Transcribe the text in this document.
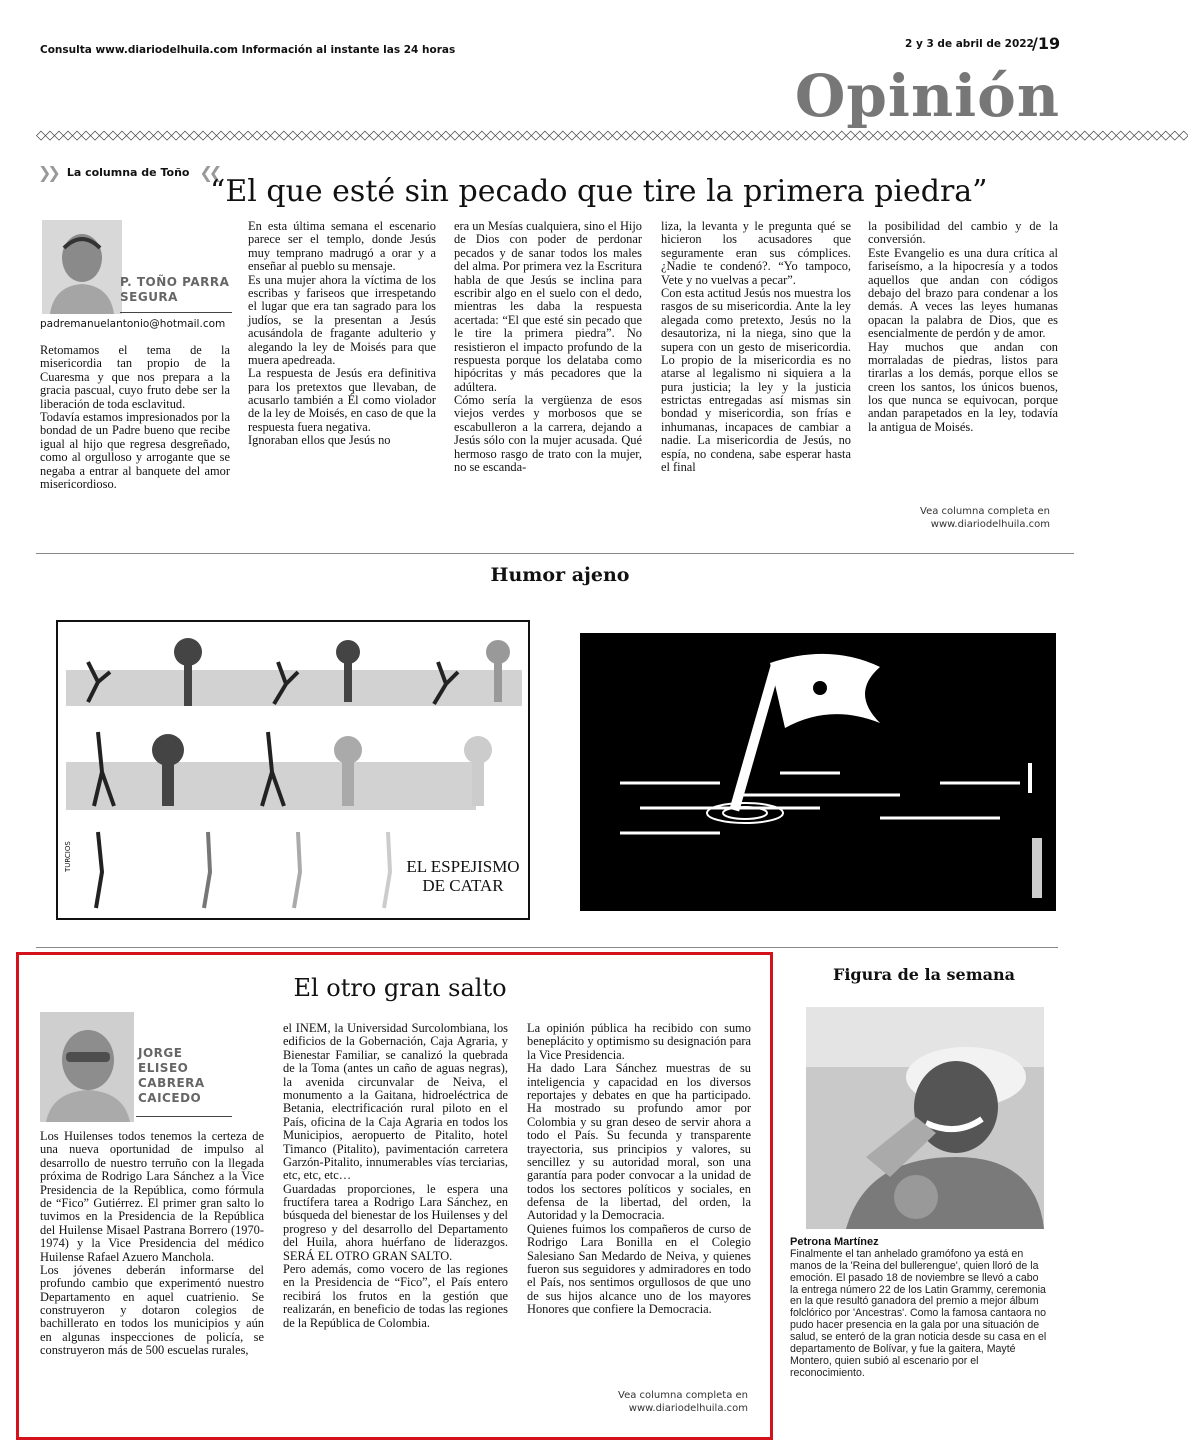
Consulta www.diariodelhuila.com Información al instante las 24 horas	2 y 3 de abril de 2022
/19
Opinión
◇◇◇◇◇◇◇◇◇◇◇◇◇◇◇◇◇◇◇◇◇◇◇◇◇◇◇◇◇◇◇◇◇◇◇◇◇◇◇◇◇◇◇◇◇◇◇◇◇◇◇◇◇◇◇◇◇◇◇◇◇◇◇◇◇◇◇◇◇◇◇◇◇◇◇◇◇◇◇◇◇◇◇◇◇◇◇◇◇◇◇◇◇◇◇◇◇◇◇◇◇◇◇◇◇◇◇◇◇◇◇◇◇◇◇◇◇◇◇◇◇◇◇◇◇◇◇◇
❯❯ La columna de Toño ❮❮
“El que esté sin pecado que tire la primera piedra”
P. TOÑO PARRA SEGURA
padremanuelantonio@hotmail.com
Retomamos el tema de la misericordia tan propio de la Cuaresma y que nos prepara a la gracia pascual, cuyo fruto debe ser la liberación de toda esclavitud.
Todavía estamos impresionados por la bondad de un Padre bueno que recibe igual al hijo que regresa desgreñado, como al orgulloso y arrogante que se negaba a entrar al banquete del amor misericordioso.
En esta última semana el escenario parece ser el templo, donde Jesús muy temprano madrugó a orar y a enseñar al pueblo su mensaje.
Es una mujer ahora la víctima de los escribas y fariseos que irrespetando el lugar que era tan sagrado para los judíos, se la presentan a Jesús acusándola de fragante adulterio y alegando la ley de Moisés para que muera apedreada.
La respuesta de Jesús era definitiva para los pretextos que llevaban, de acusarlo también a Él como violador de la ley de Moisés, en caso de que la respuesta fuera negativa.
Ignoraban ellos que Jesús no
era un Mesías cualquiera, sino el Hijo de Dios con poder de perdonar pecados y de sanar todos los males del alma. Por primera vez la Escritura habla de que Jesús se inclina para escribir algo en el suelo con el dedo, mientras les daba la respuesta acertada: “El que esté sin pecado que le tire la primera piedra”. No resistieron el impacto profundo de la respuesta porque los delataba como hipócritas y más pecadores que la adúltera.
Cómo sería la vergüenza de esos viejos verdes y morbosos que se escabulleron a la carrera, dejando a Jesús sólo con la mujer acusada. Qué hermoso rasgo de trato con la mujer, no se escanda-
liza, la levanta y le pregunta qué se hicieron los acusadores que seguramente eran sus cómplices. ¿Nadie te condenó?. “Yo tampoco, Vete y no vuelvas a pecar”.
Con esta actitud Jesús nos muestra los rasgos de su misericordia. Ante la ley alegada como pretexto, Jesús no la desautoriza, ni la niega, sino que la supera con un gesto de misericordia. Lo propio de la misericordia es no atarse al legalismo ni siquiera a la pura justicia; la ley y la justicia estrictas entregadas así mismas sin bondad y misericordia, son frías e inhumanas, incapaces de cambiar a nadie. La misericordia de Jesús, no espía, no condena, sabe esperar hasta el final
la posibilidad del cambio y de la conversión.
Este Evangelio es una dura crítica al fariseísmo, a la hipocresía y a todos aquellos que andan con códigos debajo del brazo para condenar a los demás. A veces las leyes humanas opacan la palabra de Dios, que es esencialmente de perdón y de amor.
Hay muchos que andan con morraladas de piedras, listos para tirarlas a los demás, porque ellos se creen los santos, los únicos buenos, los que nunca se equivocan, porque andan parapetados en la ley, todavía la antigua de Moisés.
Vea columna completa en
www.diariodelhuila.com
Humor ajeno
EL ESPEJISMO
DE CATAR
TURCIOS
El otro gran salto
JORGE
ELISEO
CABRERA
CAICEDO
Los Huilenses todos tenemos la certeza de una nueva oportunidad de impulso al desarrollo de nuestro terruño con la llegada próxima de Rodrigo Lara Sánchez a la Vice Presidencia de la República, como fórmula de “Fico” Gutiérrez. El primer gran salto lo tuvimos en la Presidencia de la República del Huilense Misael Pastrana Borrero (1970-1974) y la Vice Presidencia del médico Huilense Rafael Azuero Manchola.
Los jóvenes deberán informarse del profundo cambio que experimentó nuestro Departamento en aquel cuatrienio. Se construyeron y dotaron colegios de bachillerato en todos los municipios y aún en algunas inspecciones de policía, se construyeron más de 500 escuelas rurales,
el INEM, la Universidad Surcolombiana, los edificios de la Gobernación, Caja Agraria, y Bienestar Familiar, se canalizó la quebrada de la Toma (antes un caño de aguas negras), la avenida circunvalar de Neiva, el monumento a la Gaitana, hidroeléctrica de Betania, electrificación rural piloto en el País, oficina de la Caja Agraria en todos los Municipios, aeropuerto de Pitalito, hotel Timanco (Pitalito), pavimentación carretera Garzón-Pitalito, innumerables vías terciarias, etc, etc, etc…
Guardadas proporciones, le espera una fructífera tarea a Rodrigo Lara Sánchez, en búsqueda del bienestar de los Huilenses y del progreso y del desarrollo del Departamento del Huila, ahora huérfano de liderazgos. SERÁ EL OTRO GRAN SALTO.
Pero además, como vocero de las regiones en la Presidencia de “Fico”, el País entero recibirá los frutos en la gestión que realizarán, en beneficio de todas las regiones de la República de Colombia.
La opinión pública ha recibido con sumo beneplácito y optimismo su designación para la Vice Presidencia.
Ha dado Lara Sánchez muestras de su inteligencia y capacidad en los diversos reportajes y debates en que ha participado. Ha mostrado su profundo amor por Colombia y su gran deseo de servir ahora a todo el País. Su fecunda y transparente trayectoria, sus principios y valores, su sencillez y su autoridad moral, son una garantía para poder convocar a la unidad de todos los sectores políticos y sociales, en defensa de la libertad, del orden, la Autoridad y la Democracia.
Quienes fuimos los compañeros de curso de Rodrigo Lara Bonilla en el Colegio Salesiano San Medardo de Neiva, y quienes fueron sus seguidores y admiradores en todo el País, nos sentimos orgullosos de que uno de sus hijos alcance uno de los mayores Honores que confiere la Democracia.
Vea columna completa en
www.diariodelhuila.com
Figura de la semana
Petrona Martínez
Finalmente el tan anhelado gramófono ya está en manos de la 'Reina del bullerengue', quien lloró de la emoción. El pasado 18 de noviembre se llevó a cabo la entrega número 22 de los Latin Grammy, ceremonia en la que resultó ganadora del premio a mejor álbum folclórico por 'Ancestras'. Como la famosa cantaora no pudo hacer presencia en la gala por una situación de salud, se enteró de la gran noticia desde su casa en el departamento de Bolívar, y fue la gaitera, Mayté Montero, quien subió al escenario por el reconocimiento.
